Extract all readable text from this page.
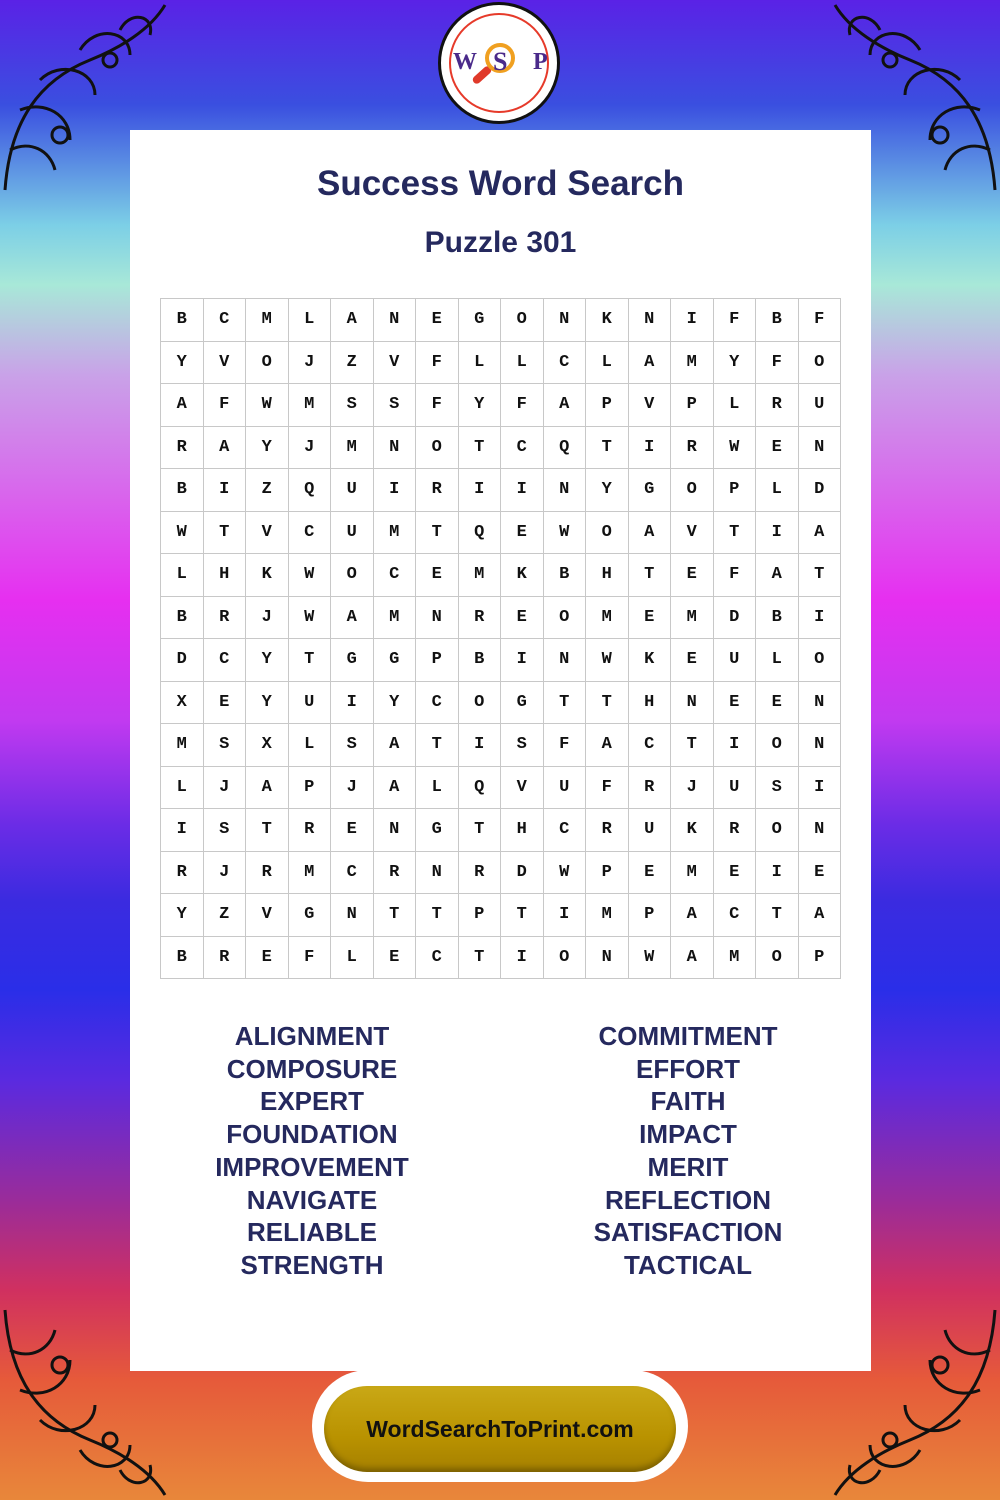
W S P
Success Word Search
Puzzle 301
B	C	M	L	A	N	E	G	O	N	K	N	I	F	B	F
Y	V	O	J	Z	V	F	L	L	C	L	A	M	Y	F	O
A	F	W	M	S	S	F	Y	F	A	P	V	P	L	R	U
R	A	Y	J	M	N	O	T	C	Q	T	I	R	W	E	N
B	I	Z	Q	U	I	R	I	I	N	Y	G	O	P	L	D
W	T	V	C	U	M	T	Q	E	W	O	A	V	T	I	A
L	H	K	W	O	C	E	M	K	B	H	T	E	F	A	T
B	R	J	W	A	M	N	R	E	O	M	E	M	D	B	I
D	C	Y	T	G	G	P	B	I	N	W	K	E	U	L	O
X	E	Y	U	I	Y	C	O	G	T	T	H	N	E	E	N
M	S	X	L	S	A	T	I	S	F	A	C	T	I	O	N
L	J	A	P	J	A	L	Q	V	U	F	R	J	U	S	I
I	S	T	R	E	N	G	T	H	C	R	U	K	R	O	N
R	J	R	M	C	R	N	R	D	W	P	E	M	E	I	E
Y	Z	V	G	N	T	T	P	T	I	M	P	A	C	T	A
B	R	E	F	L	E	C	T	I	O	N	W	A	M	O	P
ALIGNMENT
COMPOSURE
EXPERT
FOUNDATION
IMPROVEMENT
NAVIGATE
RELIABLE
STRENGTH
COMMITMENT
EFFORT
FAITH
IMPACT
MERIT
REFLECTION
SATISFACTION
TACTICAL
WordSearchToPrint.com
